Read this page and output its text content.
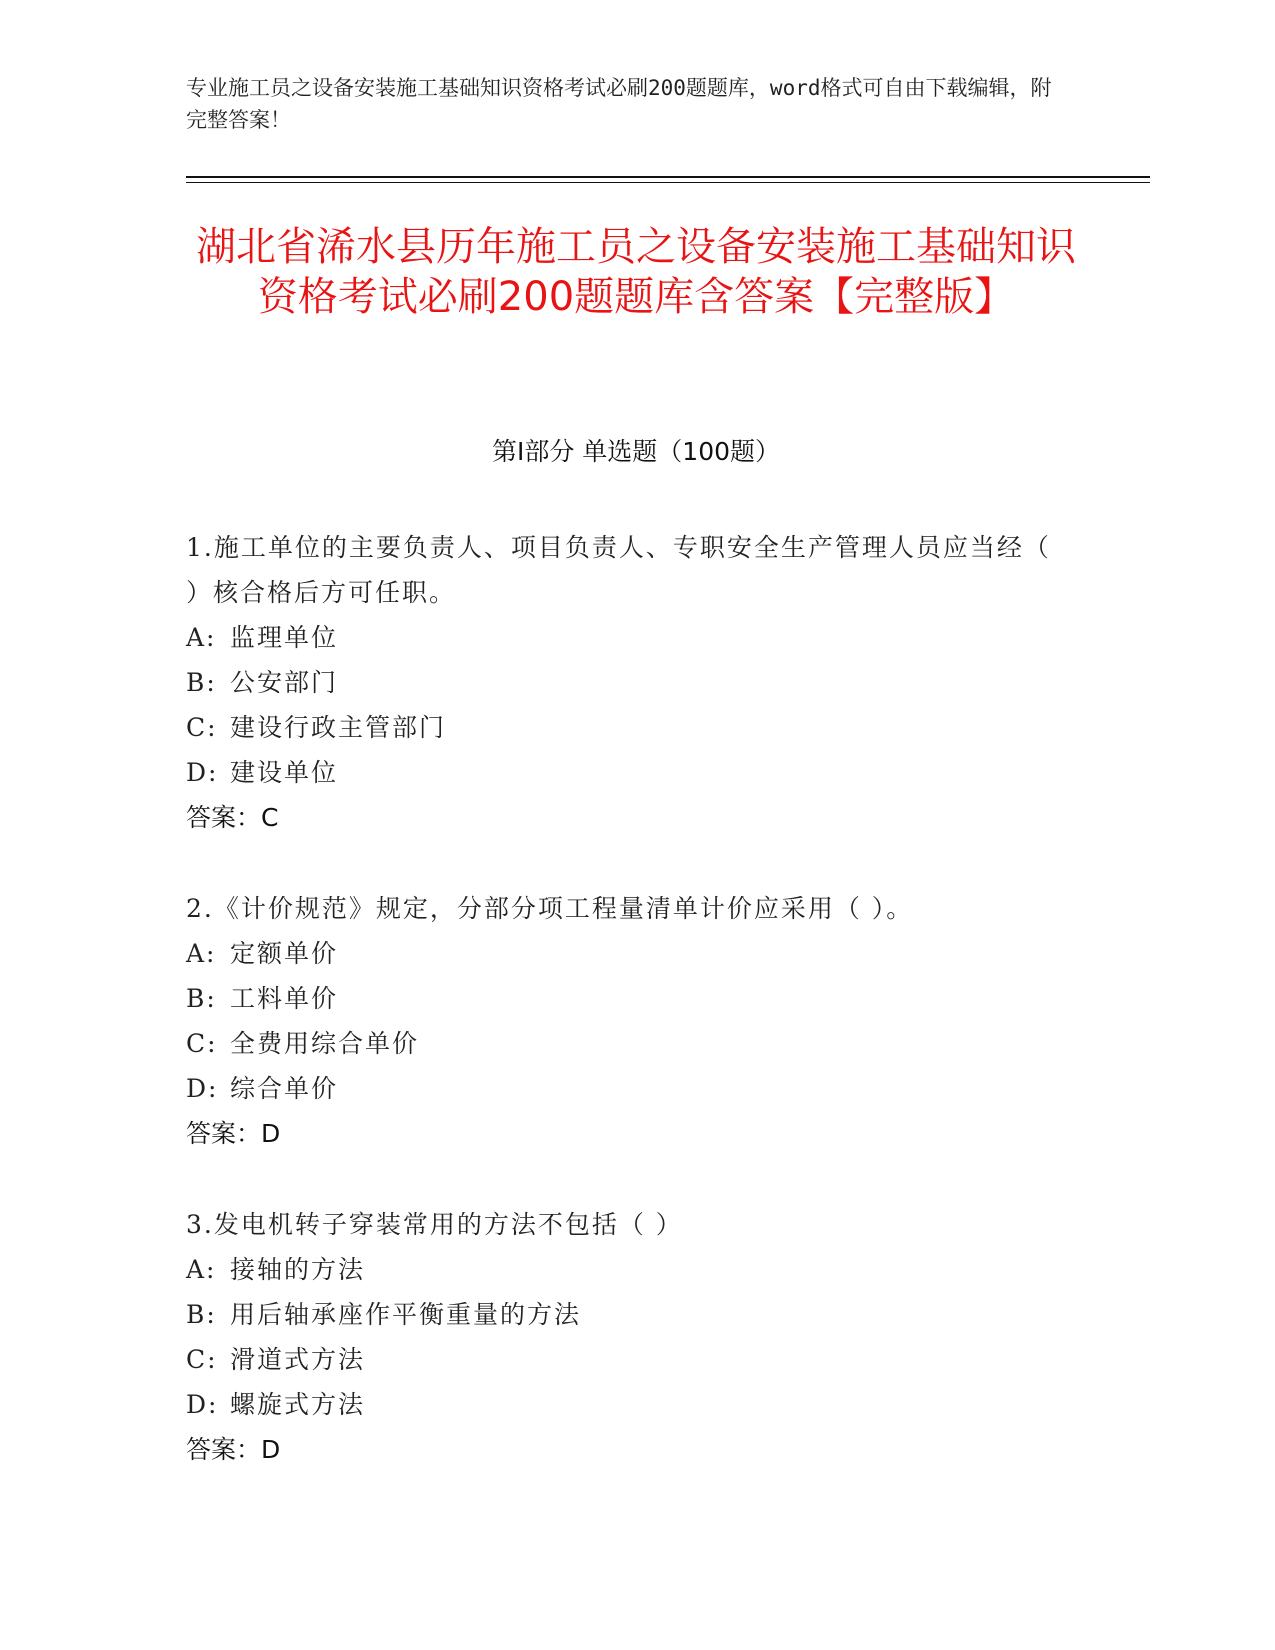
专业施工员之设备安装施工基础知识资格考试必刷200题题库，word格式可自由下载编辑，附完整答案！
湖北省浠水县历年施工员之设备安装施工基础知识资格考试必刷200题题库含答案【完整版】
第Ⅰ部分 单选题（100题）
1.施工单位的主要负责人、项目负责人、专职安全生产管理人员应当经（ ）核合格后方可任职。
A: 监理单位
B: 公安部门
C: 建设行政主管部门
D: 建设单位
答案：C
2.《计价规范》规定，分部分项工程量清单计价应采用（ ）。
A: 定额单价
B: 工料单价
C: 全费用综合单价
D: 综合单价
答案：D
3.发电机转子穿装常用的方法不包括（ ）
A: 接轴的方法
B: 用后轴承座作平衡重量的方法
C: 滑道式方法
D: 螺旋式方法
答案：D
